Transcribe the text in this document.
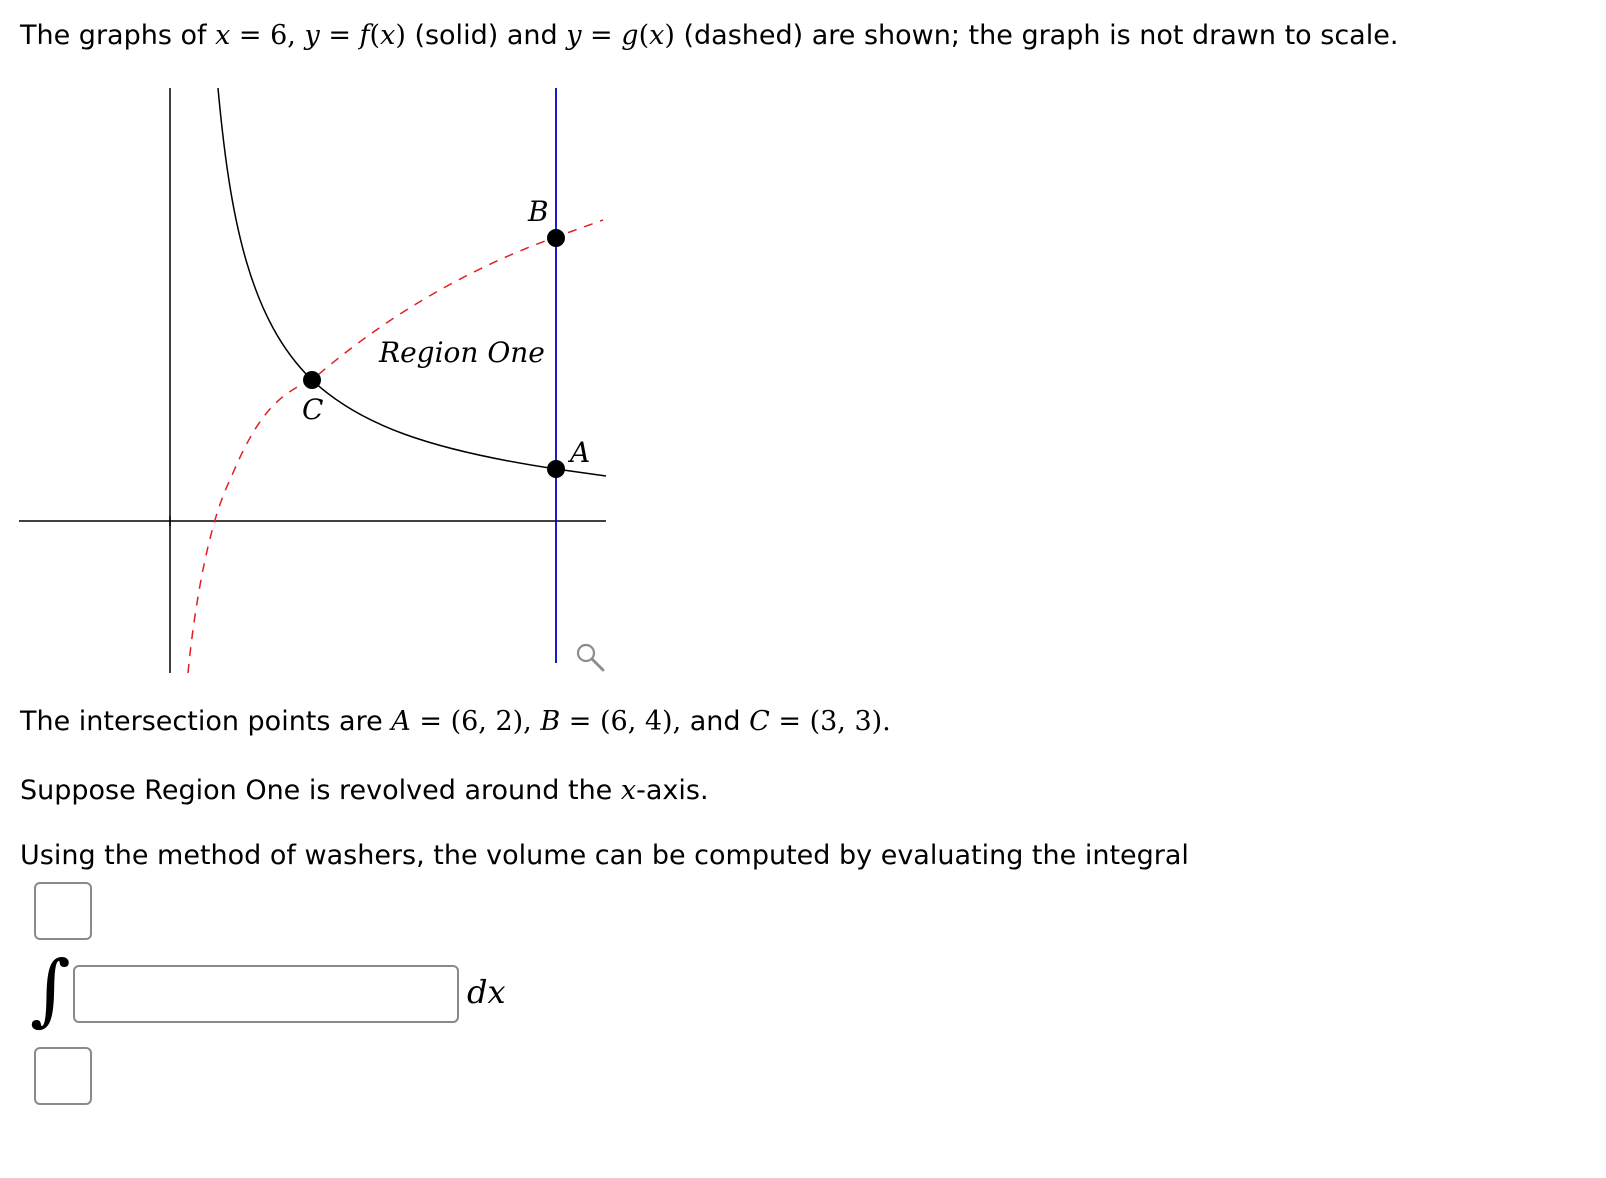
The graphs of x = 6, y = f(x) (solid) and y = g(x) (dashed) are shown; the graph is not drawn to scale.
B
C
A
Region One
The intersection points are A = (6, 2), B = (6, 4), and C = (3, 3).
Suppose Region One is revolved around the x-axis.
Using the method of washers, the volume can be computed by evaluating the integral
∫	dx
